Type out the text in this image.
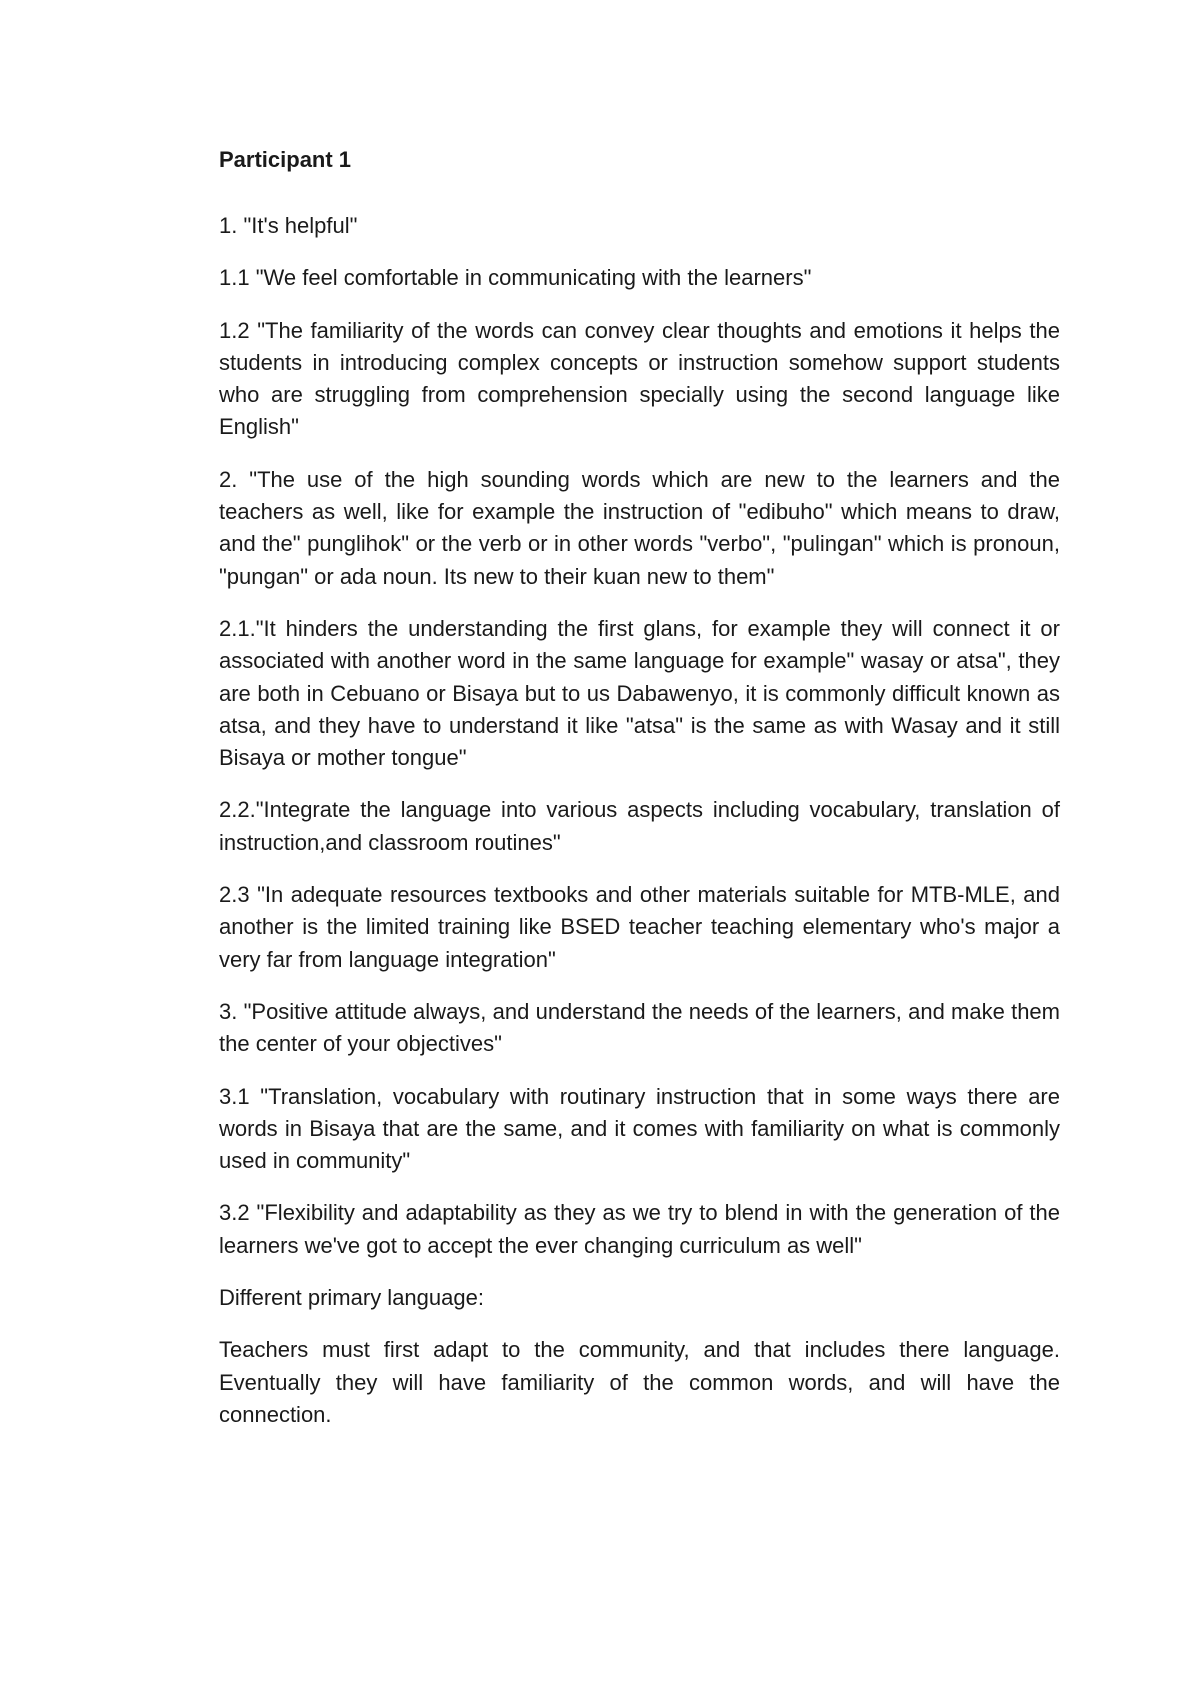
Participant 1

1. "It's helpful"

1.1 "We feel comfortable in communicating with the learners"

1.2 "The familiarity of the words can convey clear thoughts and emotions it helps the students in introducing complex concepts or instruction somehow support students who are struggling from comprehension specially using the second language like English"

2. "The use of the high sounding words which are new to the learners and the teachers as well, like for example the instruction of "edibuho" which means to draw, and the" punglihok" or the verb or in other words "verbo", "pulingan" which is pronoun, "pungan" or ada noun. Its new to their kuan new to them"

2.1."It hinders the understanding the first glans, for example they will connect it or associated with another word in the same language for example" wasay or atsa", they are both in Cebuano or Bisaya but to us Dabawenyo, it is commonly difficult known as atsa, and they have to understand it like "atsa" is the same as with Wasay and it still Bisaya or mother tongue"

2.2."Integrate the language into various aspects including vocabulary, translation of instruction,and classroom routines"

2.3 "In adequate resources textbooks and other materials suitable for MTB-MLE, and another is the limited training like BSED teacher teaching elementary who's major a very far from language integration"

3. "Positive attitude always, and understand the needs of the learners, and make them the center of your objectives"

3.1 "Translation, vocabulary with routinary instruction that in some ways there are words in Bisaya that are the same, and it comes with familiarity on what is commonly used in community"

3.2 "Flexibility and adaptability as they as we try to blend in with the generation of the learners we've got to accept the ever changing curriculum as well"

Different primary language:

Teachers must first adapt to the community, and that includes there language. Eventually they will have familiarity of the common words, and will have the connection.
